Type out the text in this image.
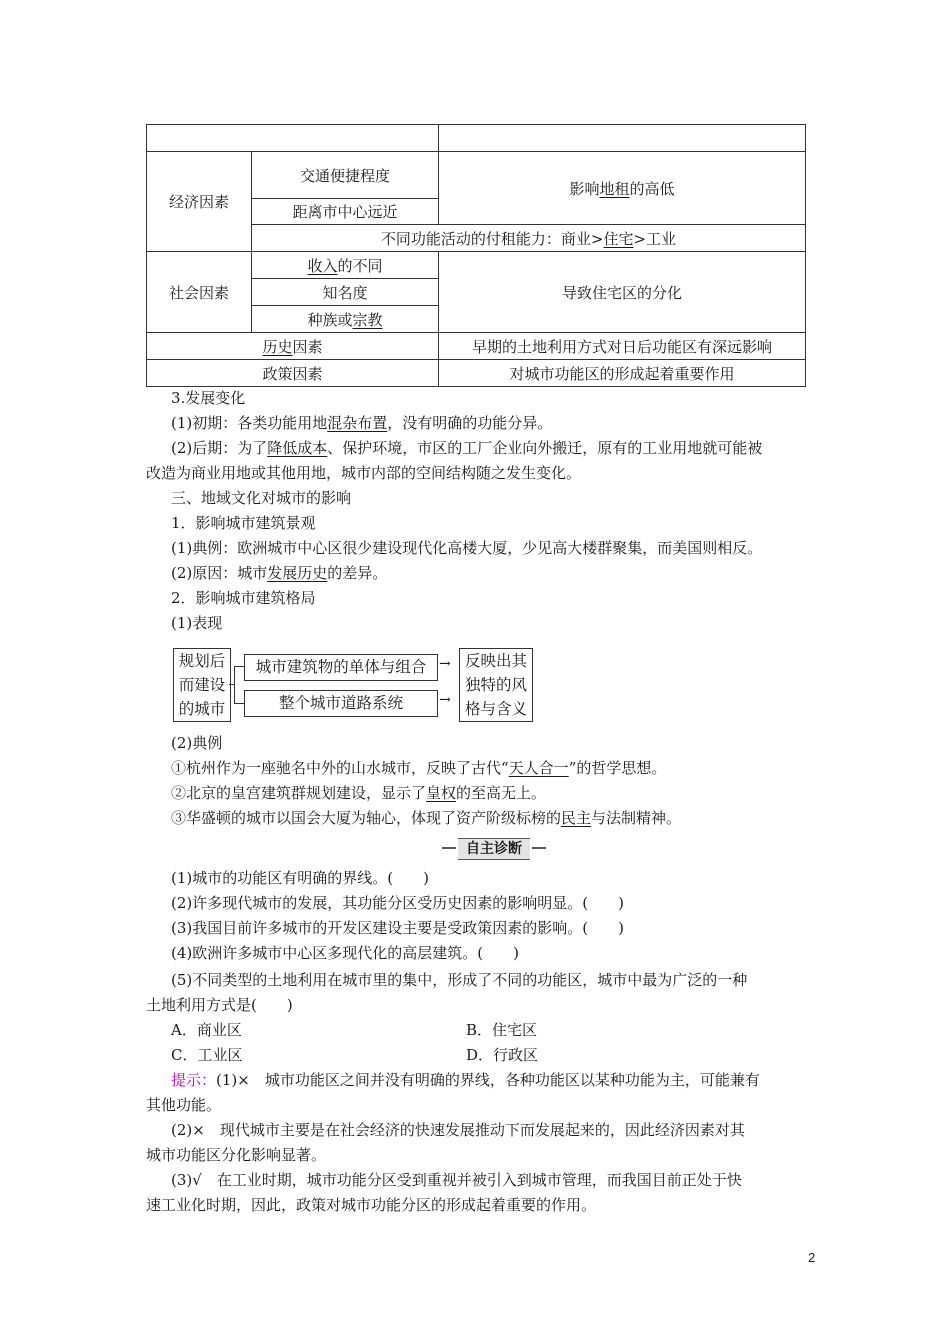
经济因素	交通便捷程度	影响地租的高低
	距离市中心远近	
	不同功能活动的付租能力：商业>住宅>工业	
社会因素	收入的不同	导致住宅区的分化
	知名度	
	种族或宗教	
历史因素		早期的土地利用方式对日后功能区有深远影响
政策因素		对城市功能区的形成起着重要作用
3.发展变化
(1)初期：各类功能用地混杂布置，没有明确的功能分异。
(2)后期：为了降低成本、保护环境，市区的工厂企业向外搬迁，原有的工业用地就可能被
改造为商业用地或其他用地，城市内部的空间结构随之发生变化。
三、地域文化对城市的影响
1．影响城市建筑景观
(1)典例：欧洲城市中心区很少建设现代化高楼大厦，少见高大楼群聚集，而美国则相反。
(2)原因：城市发展历史的差异。
2．影响城市建筑格局
(1)表现
规划后
而建设
的城市
城市建筑物的单体与组合
整个城市道路系统
→
→
反映出其
独特的风
格与含义
(2)典例
①杭州作为一座驰名中外的山水城市，反映了古代“天人合一”的哲学思想。
②北京的皇宫建筑群规划建设，显示了皇权的至高无上。
③华盛顿的城市以国会大厦为轴心，体现了资产阶级标榜的民主与法制精神。
自主诊断
(1)城市的功能区有明确的界线。(　　)
(2)许多现代城市的发展，其功能分区受历史因素的影响明显。(　　)
(3)我国目前许多城市的开发区建设主要是受政策因素的影响。(　　)
(4)欧洲许多城市中心区多现代化的高层建筑。(　　)
(5)不同类型的土地利用在城市里的集中，形成了不同的功能区，城市中最为广泛的一种
土地利用方式是(　　)
A．商业区	B．住宅区
C．工业区	D．行政区
提示：(1)×　城市功能区之间并没有明确的界线，各种功能区以某种功能为主，可能兼有
其他功能。
(2)×　现代城市主要是在社会经济的快速发展推动下而发展起来的，因此经济因素对其
城市功能区分化影响显著。
(3)√　在工业时期，城市功能分区受到重视并被引入到城市管理，而我国目前正处于快
速工业化时期，因此，政策对城市功能分区的形成起着重要的作用。
2
